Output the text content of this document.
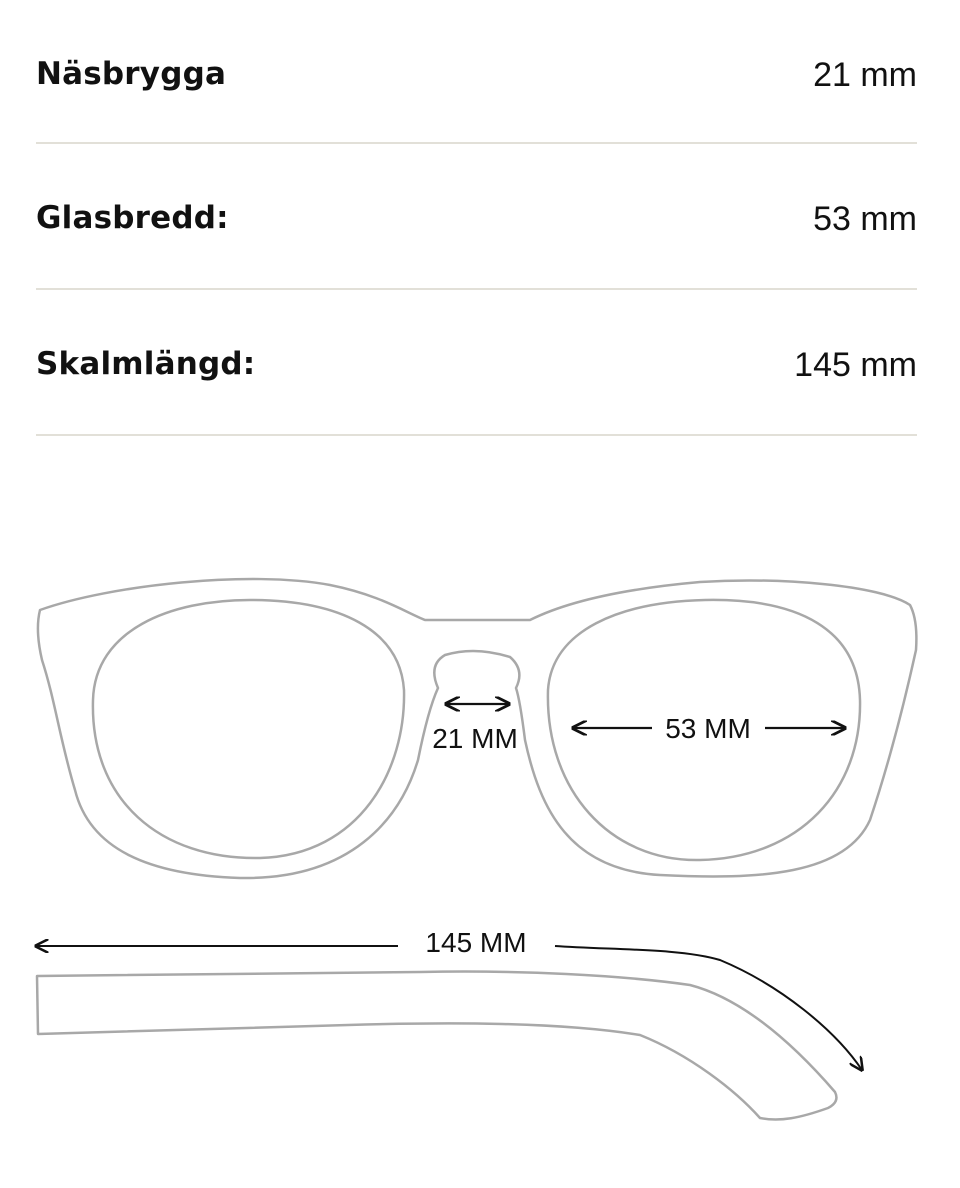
Näsbrygga	21 mm
Glasbredd:	53 mm
Skalmlängd:	145 mm
21 MM	53 MM
145 MM
